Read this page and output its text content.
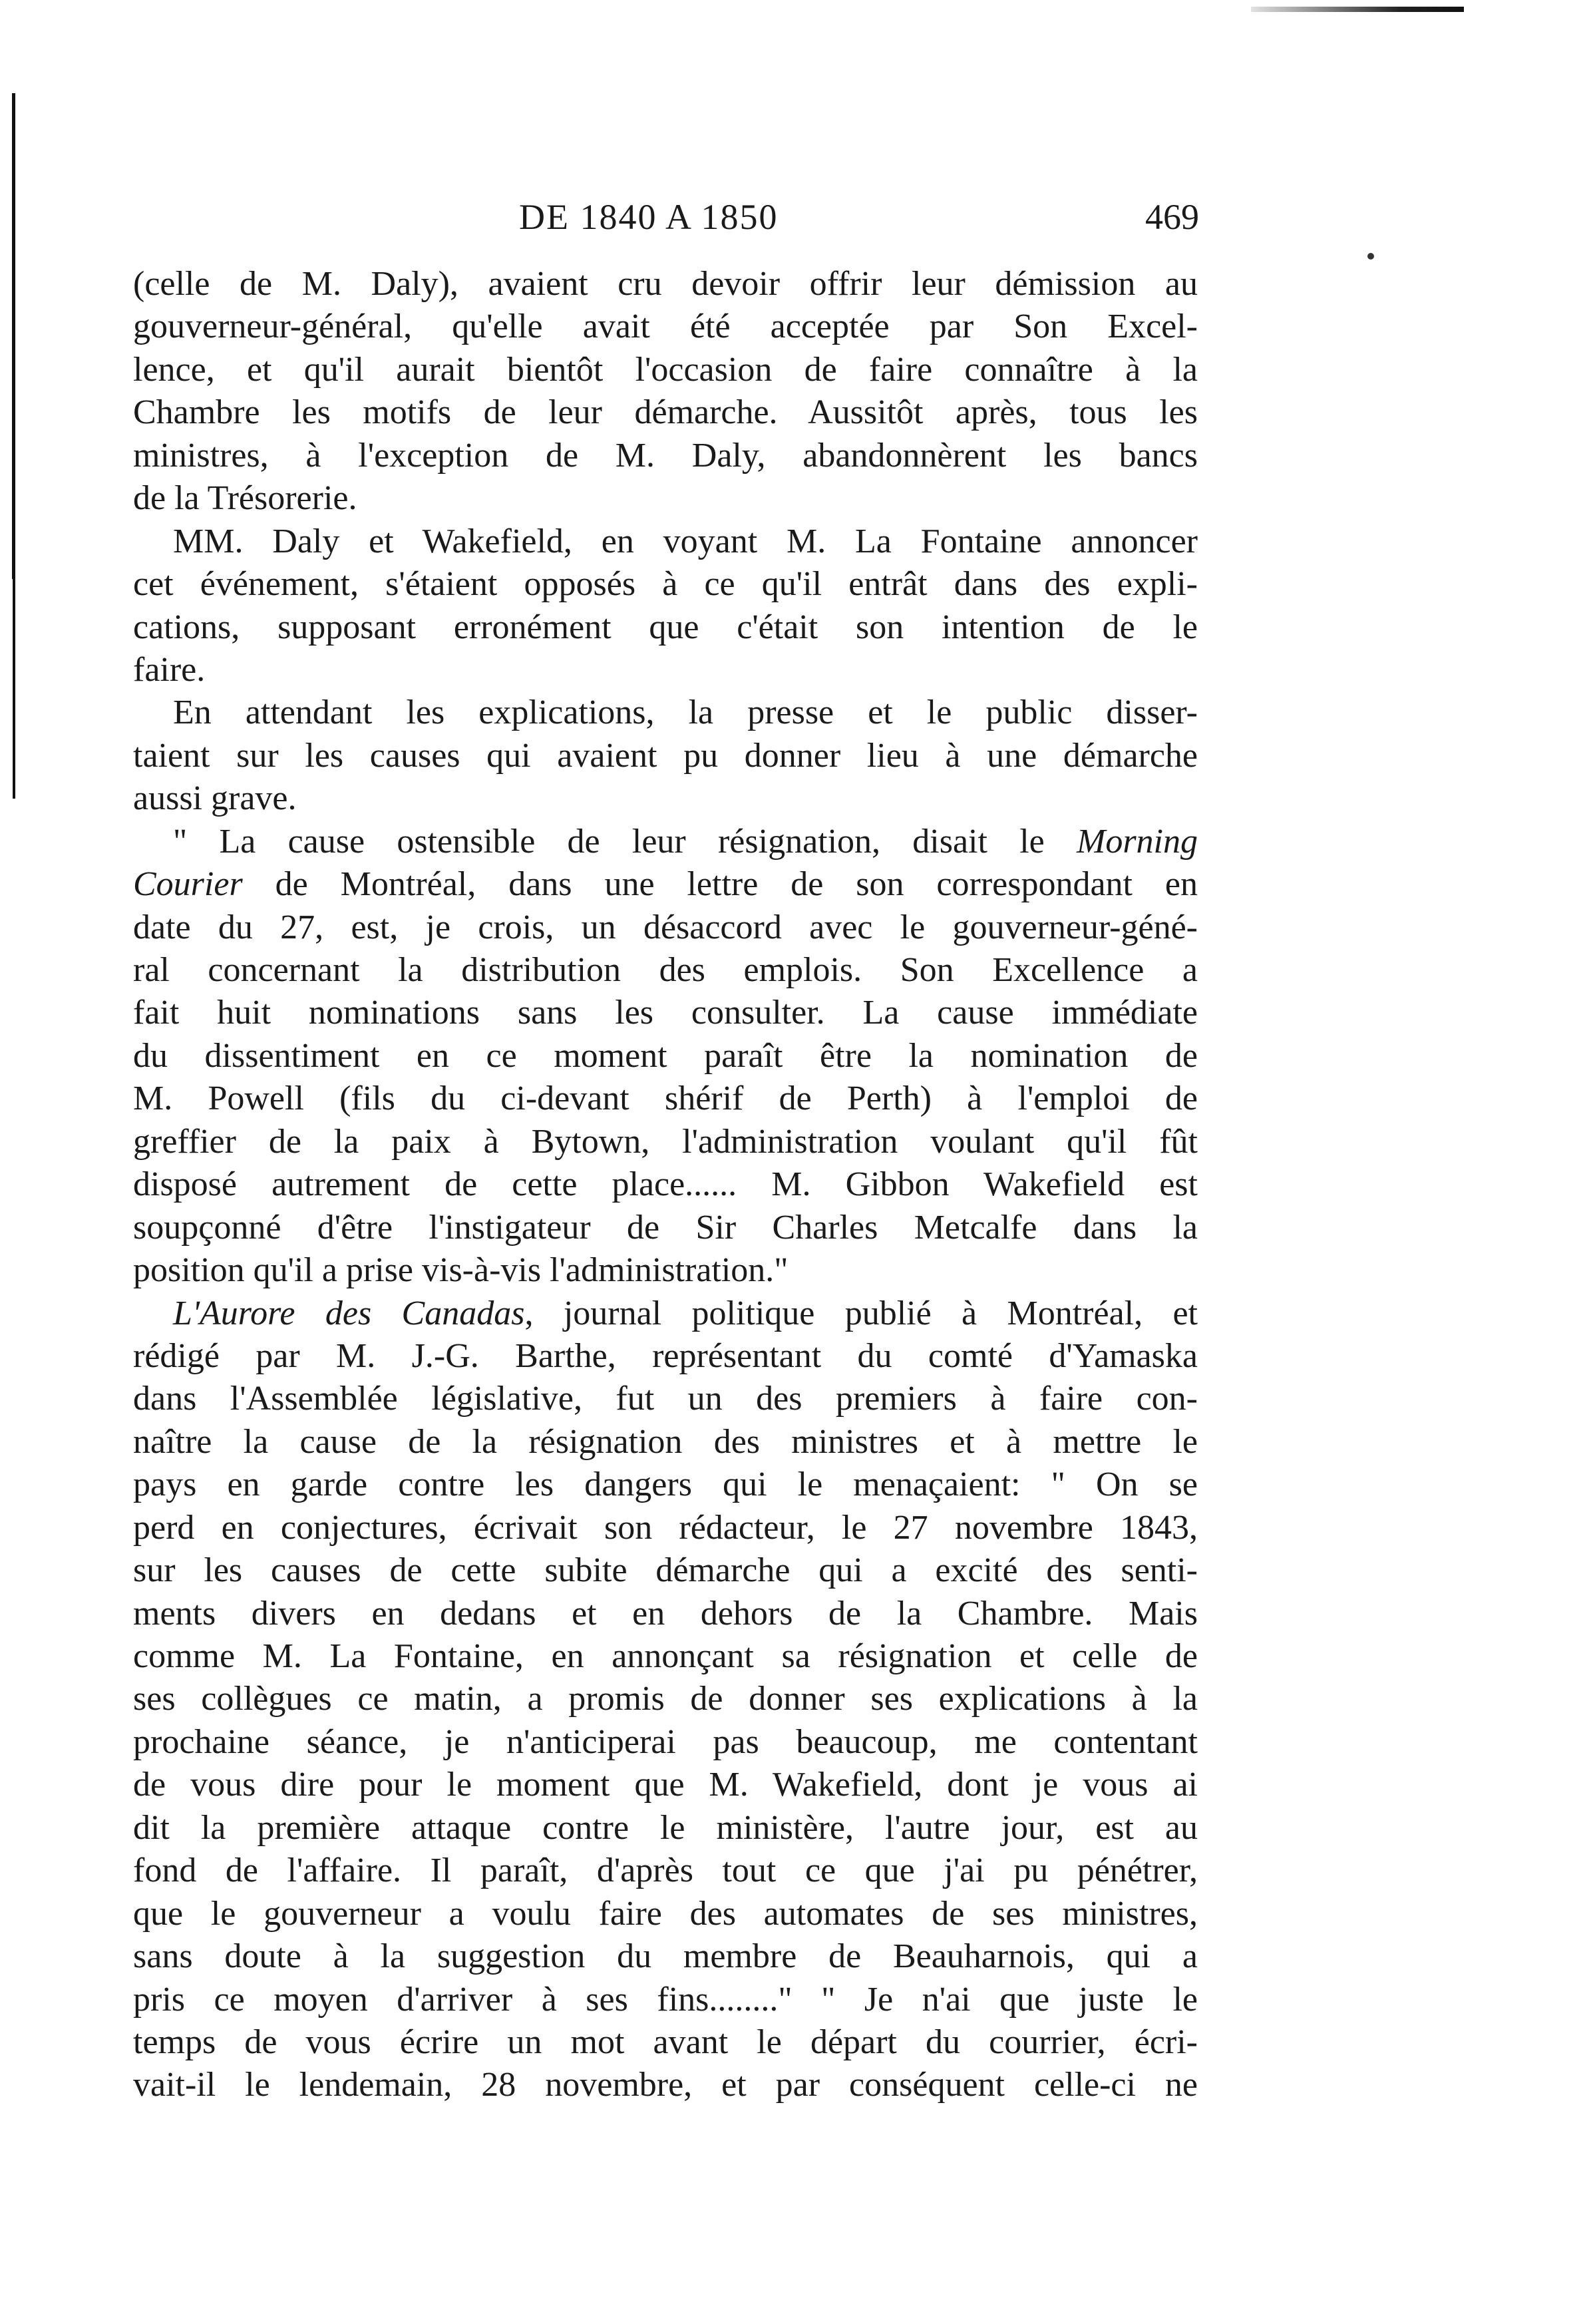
DE 1840 A 1850	469
(celle de M. Daly), avaient cru devoir offrir leur démission au
gouverneur-général, qu'elle avait été acceptée par Son Excel-
lence, et qu'il aurait bientôt l'occasion de faire connaître à la
Chambre les motifs de leur démarche. Aussitôt après, tous les
ministres, à l'exception de M. Daly, abandonnèrent les bancs
de la Trésorerie.
MM. Daly et Wakefield, en voyant M. La Fontaine annoncer
cet événement, s'étaient opposés à ce qu'il entrât dans des expli-
cations, supposant erronément que c'était son intention de le
faire.
En attendant les explications, la presse et le public disser-
taient sur les causes qui avaient pu donner lieu à une démarche
aussi grave.
" La cause ostensible de leur résignation, disait le Morning
Courier de Montréal, dans une lettre de son correspondant en
date du 27, est, je crois, un désaccord avec le gouverneur-géné-
ral concernant la distribution des emplois. Son Excellence a
fait huit nominations sans les consulter. La cause immédiate
du dissentiment en ce moment paraît être la nomination de
M. Powell (fils du ci-devant shérif de Perth) à l'emploi de
greffier de la paix à Bytown, l'administration voulant qu'il fût
disposé autrement de cette place...... M. Gibbon Wakefield est
soupçonné d'être l'instigateur de Sir Charles Metcalfe dans la
position qu'il a prise vis-à-vis l'administration."
L'Aurore des Canadas, journal politique publié à Montréal, et
rédigé par M. J.-G. Barthe, représentant du comté d'Yamaska
dans l'Assemblée législative, fut un des premiers à faire con-
naître la cause de la résignation des ministres et à mettre le
pays en garde contre les dangers qui le menaçaient: " On se
perd en conjectures, écrivait son rédacteur, le 27 novembre 1843,
sur les causes de cette subite démarche qui a excité des senti-
ments divers en dedans et en dehors de la Chambre. Mais
comme M. La Fontaine, en annonçant sa résignation et celle de
ses collègues ce matin, a promis de donner ses explications à la
prochaine séance, je n'anticiperai pas beaucoup, me contentant
de vous dire pour le moment que M. Wakefield, dont je vous ai
dit la première attaque contre le ministère, l'autre jour, est au
fond de l'affaire. Il paraît, d'après tout ce que j'ai pu pénétrer,
que le gouverneur a voulu faire des automates de ses ministres,
sans doute à la suggestion du membre de Beauharnois, qui a
pris ce moyen d'arriver à ses fins........" " Je n'ai que juste le
temps de vous écrire un mot avant le départ du courrier, écri-
vait-il le lendemain, 28 novembre, et par conséquent celle-ci ne
